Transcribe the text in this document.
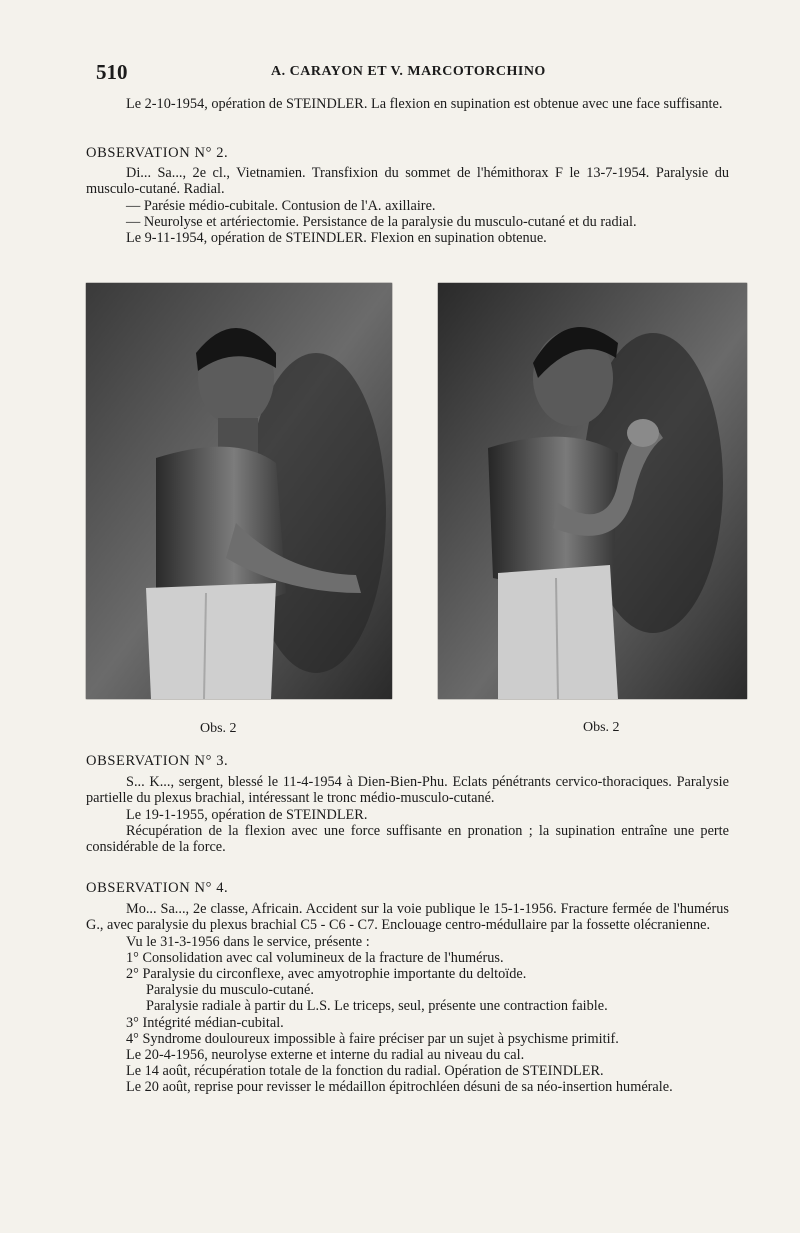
510	A. CARAYON ET V. MARCOTORCHINO

Le 2-10-1954, opération de STEINDLER. La flexion en supination est obtenue avec une face suffisante.

OBSERVATION N° 2.

Di... Sa..., 2e cl., Vietnamien. Transfixion du sommet de l'hémithorax F le 13-7-1954. Paralysie du musculo-cutané. Radial.

— Parésie médio-cubitale. Contusion de l'A. axillaire.

— Neurolyse et artériectomie. Persistance de la paralysie du musculo-cutané et du radial.

Le 9-11-1954, opération de STEINDLER. Flexion en supination obtenue.

Obs. 2	Obs. 2

OBSERVATION N° 3.

S... K..., sergent, blessé le 11-4-1954 à Dien-Bien-Phu. Eclats pénétrants cervico-thoraciques. Paralysie partielle du plexus brachial, intéressant le tronc médio-musculo-cutané.

Le 19-1-1955, opération de STEINDLER.

Récupération de la flexion avec une force suffisante en pronation ; la supination entraîne une perte considérable de la force.

OBSERVATION N° 4.

Mo... Sa..., 2e classe, Africain. Accident sur la voie publique le 15-1-1956. Fracture fermée de l'humérus G., avec paralysie du plexus brachial C5 - C6 - C7. Enclouage centro-médullaire par la fossette olécranienne.

Vu le 31-3-1956 dans le service, présente :

1° Consolidation avec cal volumineux de la fracture de l'humérus.

2° Paralysie du circonflexe, avec amyotrophie importante du deltoïde.

Paralysie du musculo-cutané.

Paralysie radiale à partir du L.S. Le triceps, seul, présente une contraction faible.

3° Intégrité médian-cubital.

4° Syndrome douloureux impossible à faire préciser par un sujet à psychisme primitif.

Le 20-4-1956, neurolyse externe et interne du radial au niveau du cal.

Le 14 août, récupération totale de la fonction du radial. Opération de STEINDLER.

Le 20 août, reprise pour revisser le médaillon épitrochléen désuni de sa néo-insertion humérale.
